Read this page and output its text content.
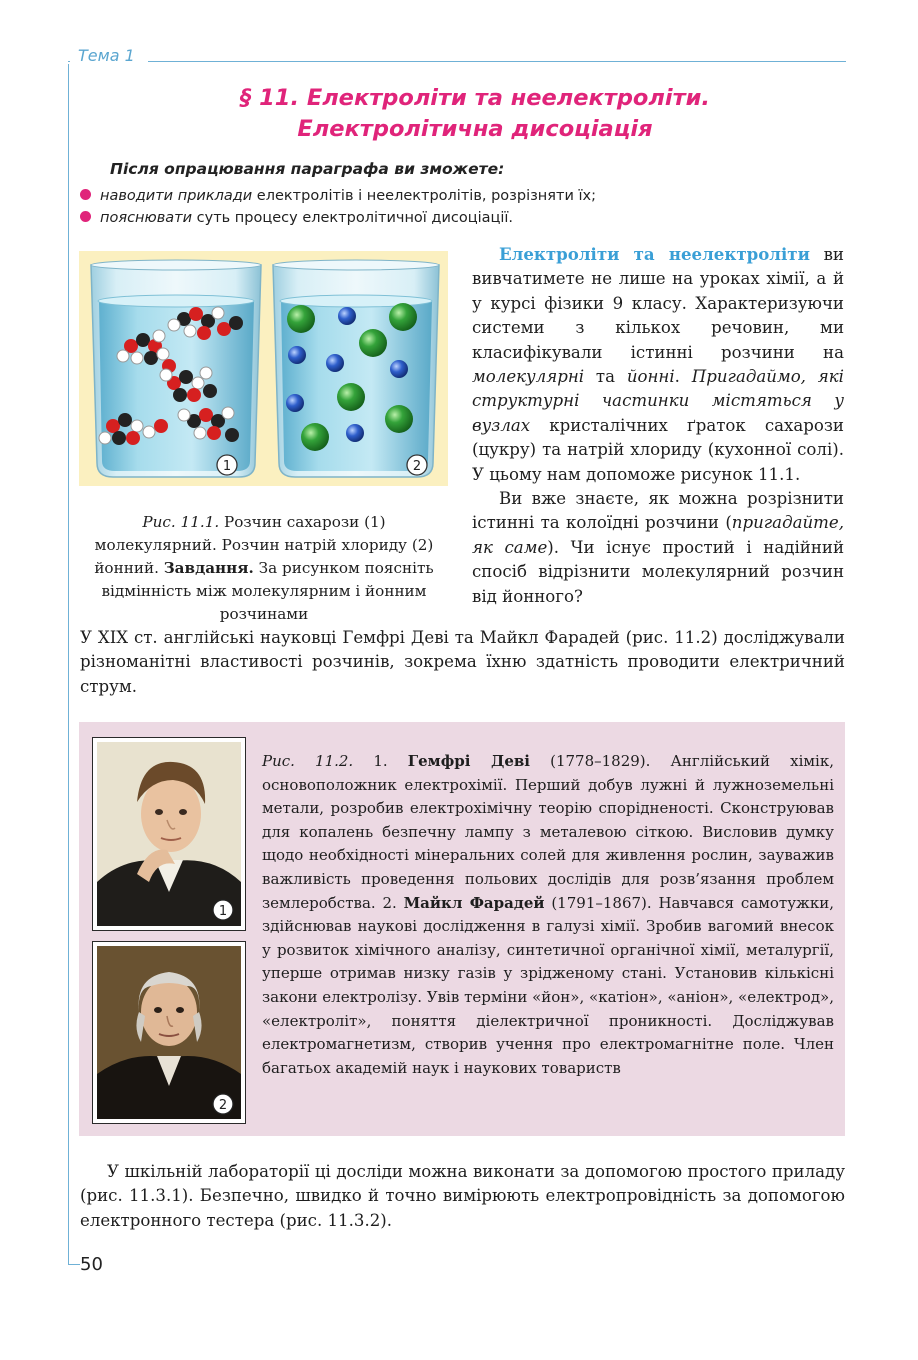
Тема 1
§ 11. Електроліти та неелектроліти.
Електролітична дисоціація
Після опрацювання параграфа ви зможете:
наводити приклади електролітів і неелектролітів, розрізняти їх;
пояснювати суть процесу електролітичної дисоціації.
1	2

Рис. 11.1. Розчин сахарози (1) молекулярний. Розчин натрій хлориду (2) йонний. Завдання. За рисунком поясніть відмінність між молекулярним і йонним розчинами

Електроліти та неелектроліти ви вивчатимете не лише на уроках хімії, а й у курсі фізики 9 класу. Характеризуючи системи з кількох речовин, ми класифікували істинні розчини на молекулярні та йонні. Пригадаймо, які структурні частинки містяться у вузлах кристалічних ґраток сахарози (цукру) та натрій хлориду (кухонної солі). У цьому нам допоможе рисунок 11.1.

Ви вже знаєте, як можна розрізнити істинні та колоїдні розчини (пригадайте, як саме). Чи існує простий і надійний спосіб відрізнити молекулярний розчин від йонного?

У XIX ст. англійські науковці Гемфрі Деві та Майкл Фарадей (рис. 11.2) досліджували різноманітні властивості розчинів, зокрема їхню здатність проводити електричний струм.

1
2

Рис. 11.2. 1. Гемфрі Деві (1778–1829). Англійський хімік, основоположник електрохімії. Перший добув лужні й лужноземельні метали, розробив електрохімічну теорію спорідненості. Сконструював для копалень безпечну лампу з металевою сіткою. Висловив думку щодо необхідності мінеральних солей для живлення рослин, зауважив важливість проведення польових дослідів для розв’язання проблем землеробства. 2. Майкл Фарадей (1791–1867). Навчався самотужки, здійснював наукові дослідження в галузі хімії. Зробив вагомий внесок у розвиток хімічного аналізу, синтетичної органічної хімії, металургії, уперше отримав низку газів у зрідженому стані. Установив кількісні закони електролізу. Увів терміни «йон», «катіон», «аніон», «електрод», «електроліт», поняття діелектричної проникності. Досліджував електромагнетизм, створив учення про електромагнітне поле. Член багатьох академій наук і наукових товариств

У шкільній лабораторії ці досліди можна виконати за допомогою простого приладу (рис. 11.3.1). Безпечно, швидко й точно вимірюють електропровідність за допомогою електронного тестера (рис. 11.3.2).

50
